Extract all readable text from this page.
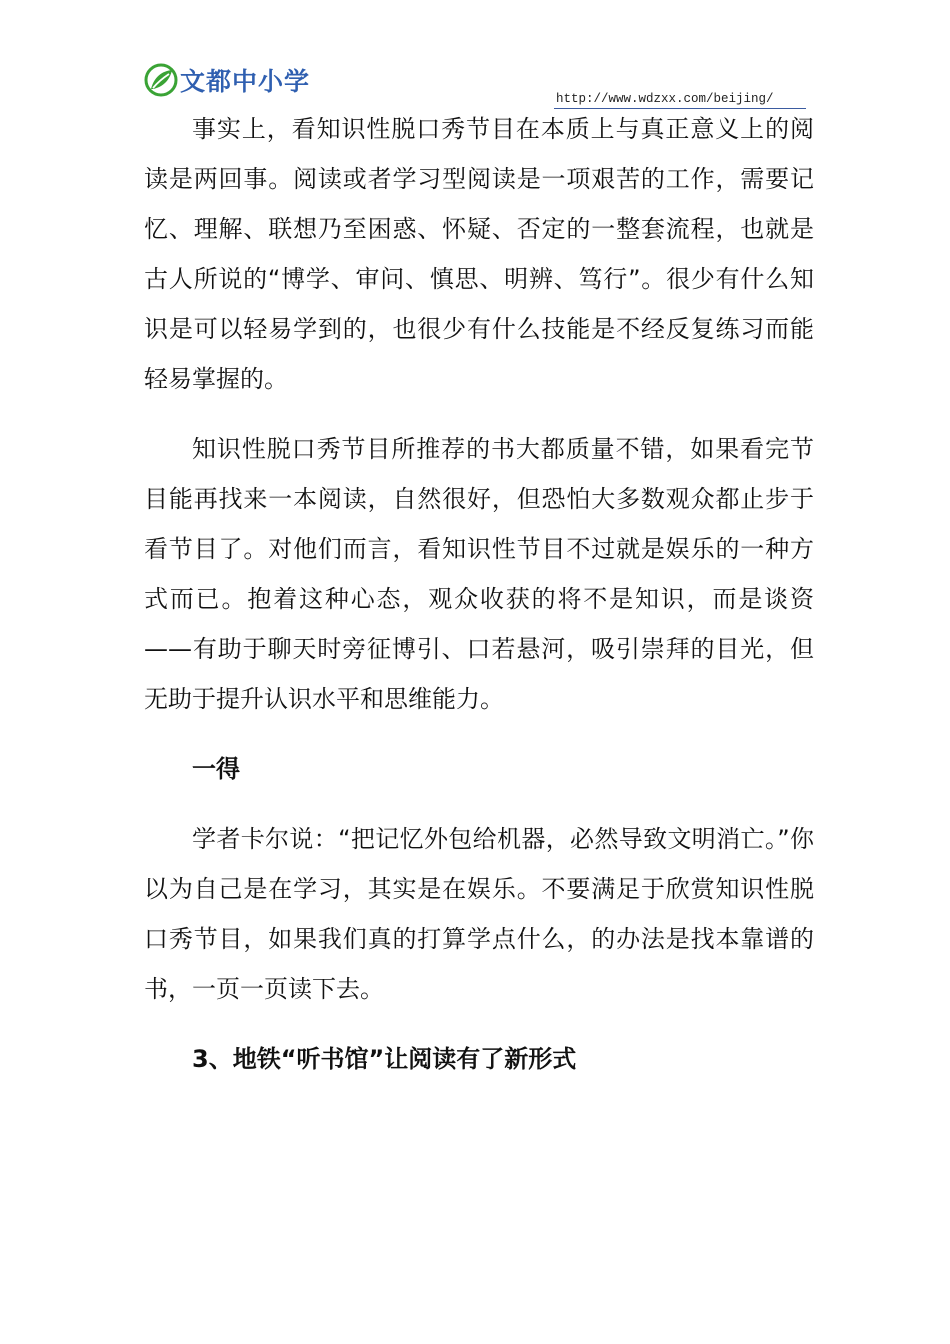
文都中小学
http://www.wdzxx.com/beijing/

事实上，看知识性脱口秀节目在本质上与真正意义上的阅读是两回事。阅读或者学习型阅读是一项艰苦的工作，需要记忆、理解、联想乃至困惑、怀疑、否定的一整套流程，也就是古人所说的“博学、审问、慎思、明辨、笃行”。很少有什么知识是可以轻易学到的，也很少有什么技能是不经反复练习而能轻易掌握的。

知识性脱口秀节目所推荐的书大都质量不错，如果看完节目能再找来一本阅读，自然很好，但恐怕大多数观众都止步于看节目了。对他们而言，看知识性节目不过就是娱乐的一种方式而已。抱着这种心态，观众收获的将不是知识，而是谈资——有助于聊天时旁征博引、口若悬河，吸引崇拜的目光，但无助于提升认识水平和思维能力。

一得

学者卡尔说：“把记忆外包给机器，必然导致文明消亡。”你以为自己是在学习，其实是在娱乐。不要满足于欣赏知识性脱口秀节目，如果我们真的打算学点什么，的办法是找本靠谱的书，一页一页读下去。

3、地铁“听书馆”让阅读有了新形式
